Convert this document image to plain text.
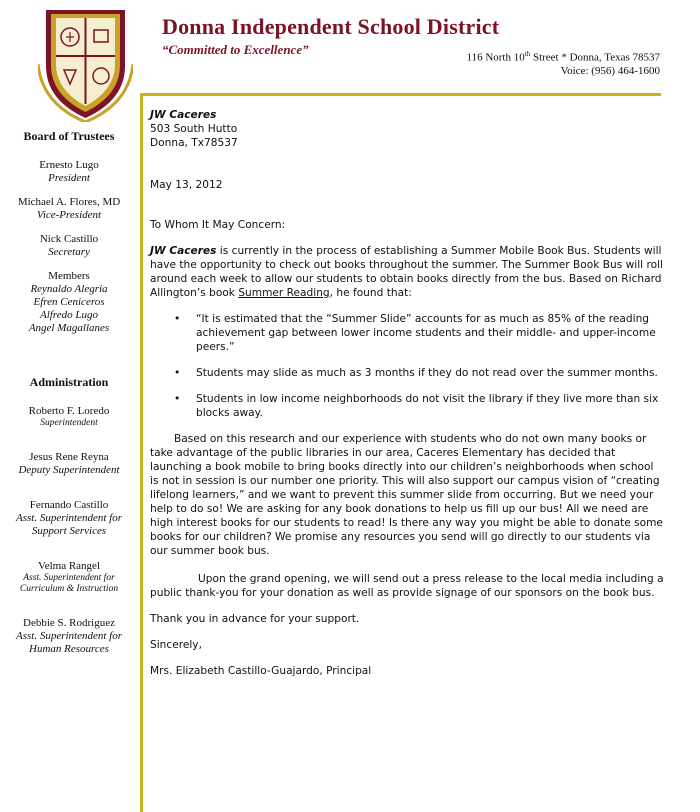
Donna Independent School District
“Committed to Excellence”
116 North 10th Street * Donna, Texas 78537
Voice: (956) 464-1600
Board of Trustees
Ernesto Lugo
President
Michael A. Flores, MD
Vice-President
Nick Castillo
Secretary
Members
Reynaldo Alegria
Efren Ceniceros
Alfredo Lugo
Angel Magallanes
Administration
Roberto F. Loredo
Superintendent
Jesus Rene Reyna
Deputy Superintendent
Fernando Castillo
Asst. Superintendent for Support Services
Velma Rangel
Asst. Superintendent for Curriculum & Instruction
Debbie S. Rodriguez
Asst. Superintendent for Human Resources

JW Caceres

503 South Hutto

Donna, Tx78537

May 13, 2012

To Whom It May Concern:

JW Caceres is currently in the process of establishing a Summer Mobile Book Bus. Students will have the opportunity to check out books throughout the summer. The Summer Book Bus will roll around each week to allow our students to obtain books directly from the bus. Based on Richard Allington’s book Summer Reading, he found that:

• “It is estimated that the “Summer Slide” accounts for as much as 85% of the reading achievement gap between lower income students and their middle- and upper-income peers.”
• Students may slide as much as 3 months if they do not read over the summer months.
• Students in low income neighborhoods do not visit the library if they live more than six blocks away.

Based on this research and our experience with students who do not own many books or take advantage of the public libraries in our area, Caceres Elementary has decided that launching a book mobile to bring books directly into our children’s neighborhoods when school is not in session is our number one priority. This will also support our campus vision of “creating lifelong learners,” and we want to prevent this summer slide from occurring. But we need your help to do so! We are asking for any book donations to help us fill up our bus! All we need are high interest books for our students to read! Is there any way you might be able to donate some books for our children? We promise any resources you send will go directly to our students via our summer book bus.

Upon the grand opening, we will send out a press release to the local media including a public thank-you for your donation as well as provide signage of our sponsors on the book bus.

Thank you in advance for your support.

Sincerely,

Mrs. Elizabeth Castillo-Guajardo, Principal
